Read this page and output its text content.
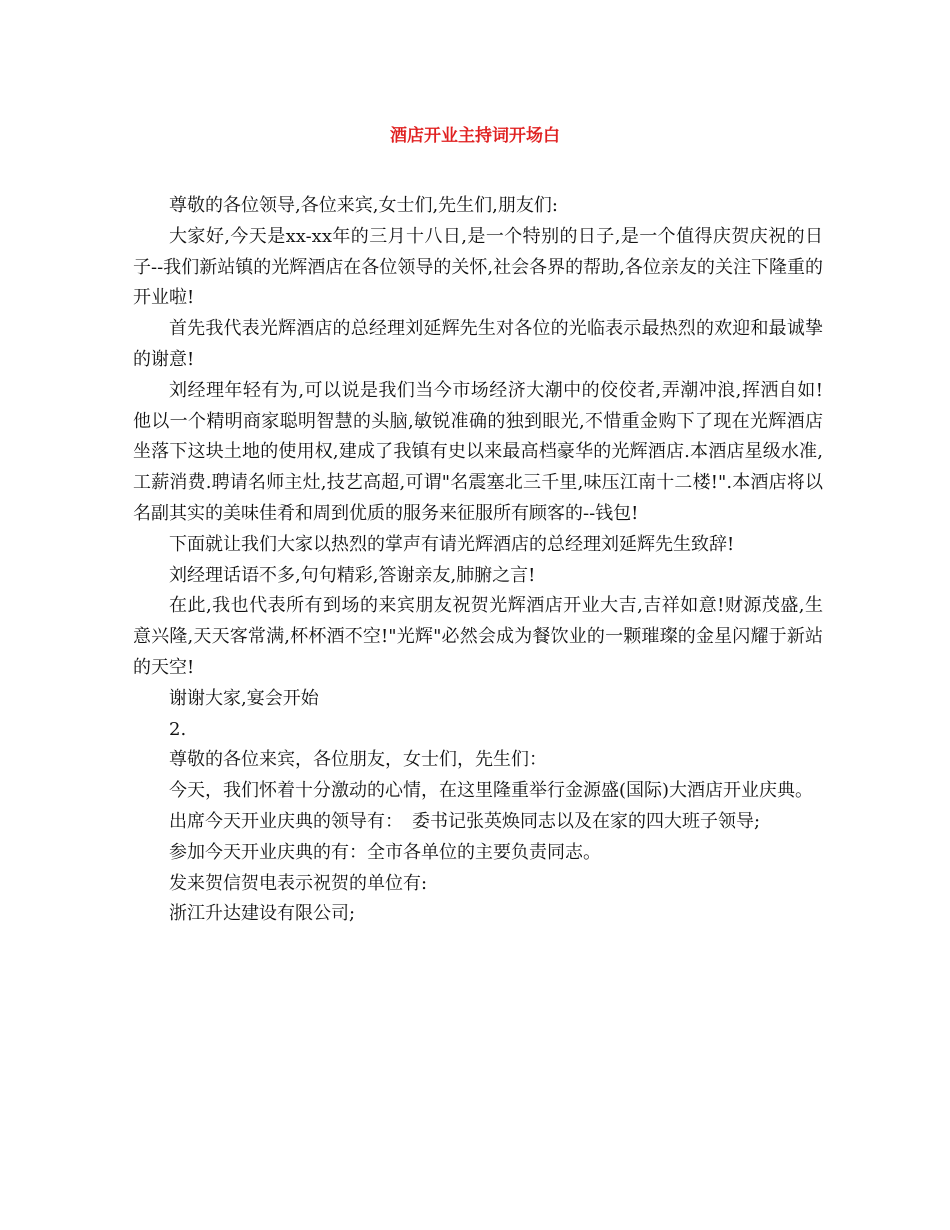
酒店开业主持词开场白

尊敬的各位领导,各位来宾,女士们,先生们,朋友们:

大家好,今天是xx-xx年的三月十八日,是一个特别的日子,是一个值得庆贺庆祝的日子--我们新站镇的光辉酒店在各位领导的关怀,社会各界的帮助,各位亲友的关注下隆重的开业啦!

首先我代表光辉酒店的总经理刘延辉先生对各位的光临表示最热烈的欢迎和最诚挚的谢意!

刘经理年轻有为,可以说是我们当今市场经济大潮中的佼佼者,弄潮冲浪,挥洒自如!他以一个精明商家聪明智慧的头脑,敏锐准确的独到眼光,不惜重金购下了现在光辉酒店坐落下这块土地的使用权,建成了我镇有史以来最高档豪华的光辉酒店.本酒店星级水准,工薪消费.聘请名师主灶,技艺高超,可谓"名震塞北三千里,味压江南十二楼!".本酒店将以名副其实的美味佳肴和周到优质的服务来征服所有顾客的--钱包!

下面就让我们大家以热烈的掌声有请光辉酒店的总经理刘延辉先生致辞!

刘经理话语不多,句句精彩,答谢亲友,肺腑之言!

在此,我也代表所有到场的来宾朋友祝贺光辉酒店开业大吉,吉祥如意!财源茂盛,生意兴隆,天天客常满,杯杯酒不空!"光辉"必然会成为餐饮业的一颗璀璨的金星闪耀于新站的天空!

谢谢大家,宴会开始

2.

尊敬的各位来宾，各位朋友，女士们，先生们：

今天，我们怀着十分激动的心情，在这里隆重举行金源盛(国际)大酒店开业庆典。

出席今天开业庆典的领导有：　委书记张英焕同志以及在家的四大班子领导;

参加今天开业庆典的有：全市各单位的主要负责同志。

发来贺信贺电表示祝贺的单位有:

浙江升达建设有限公司;
